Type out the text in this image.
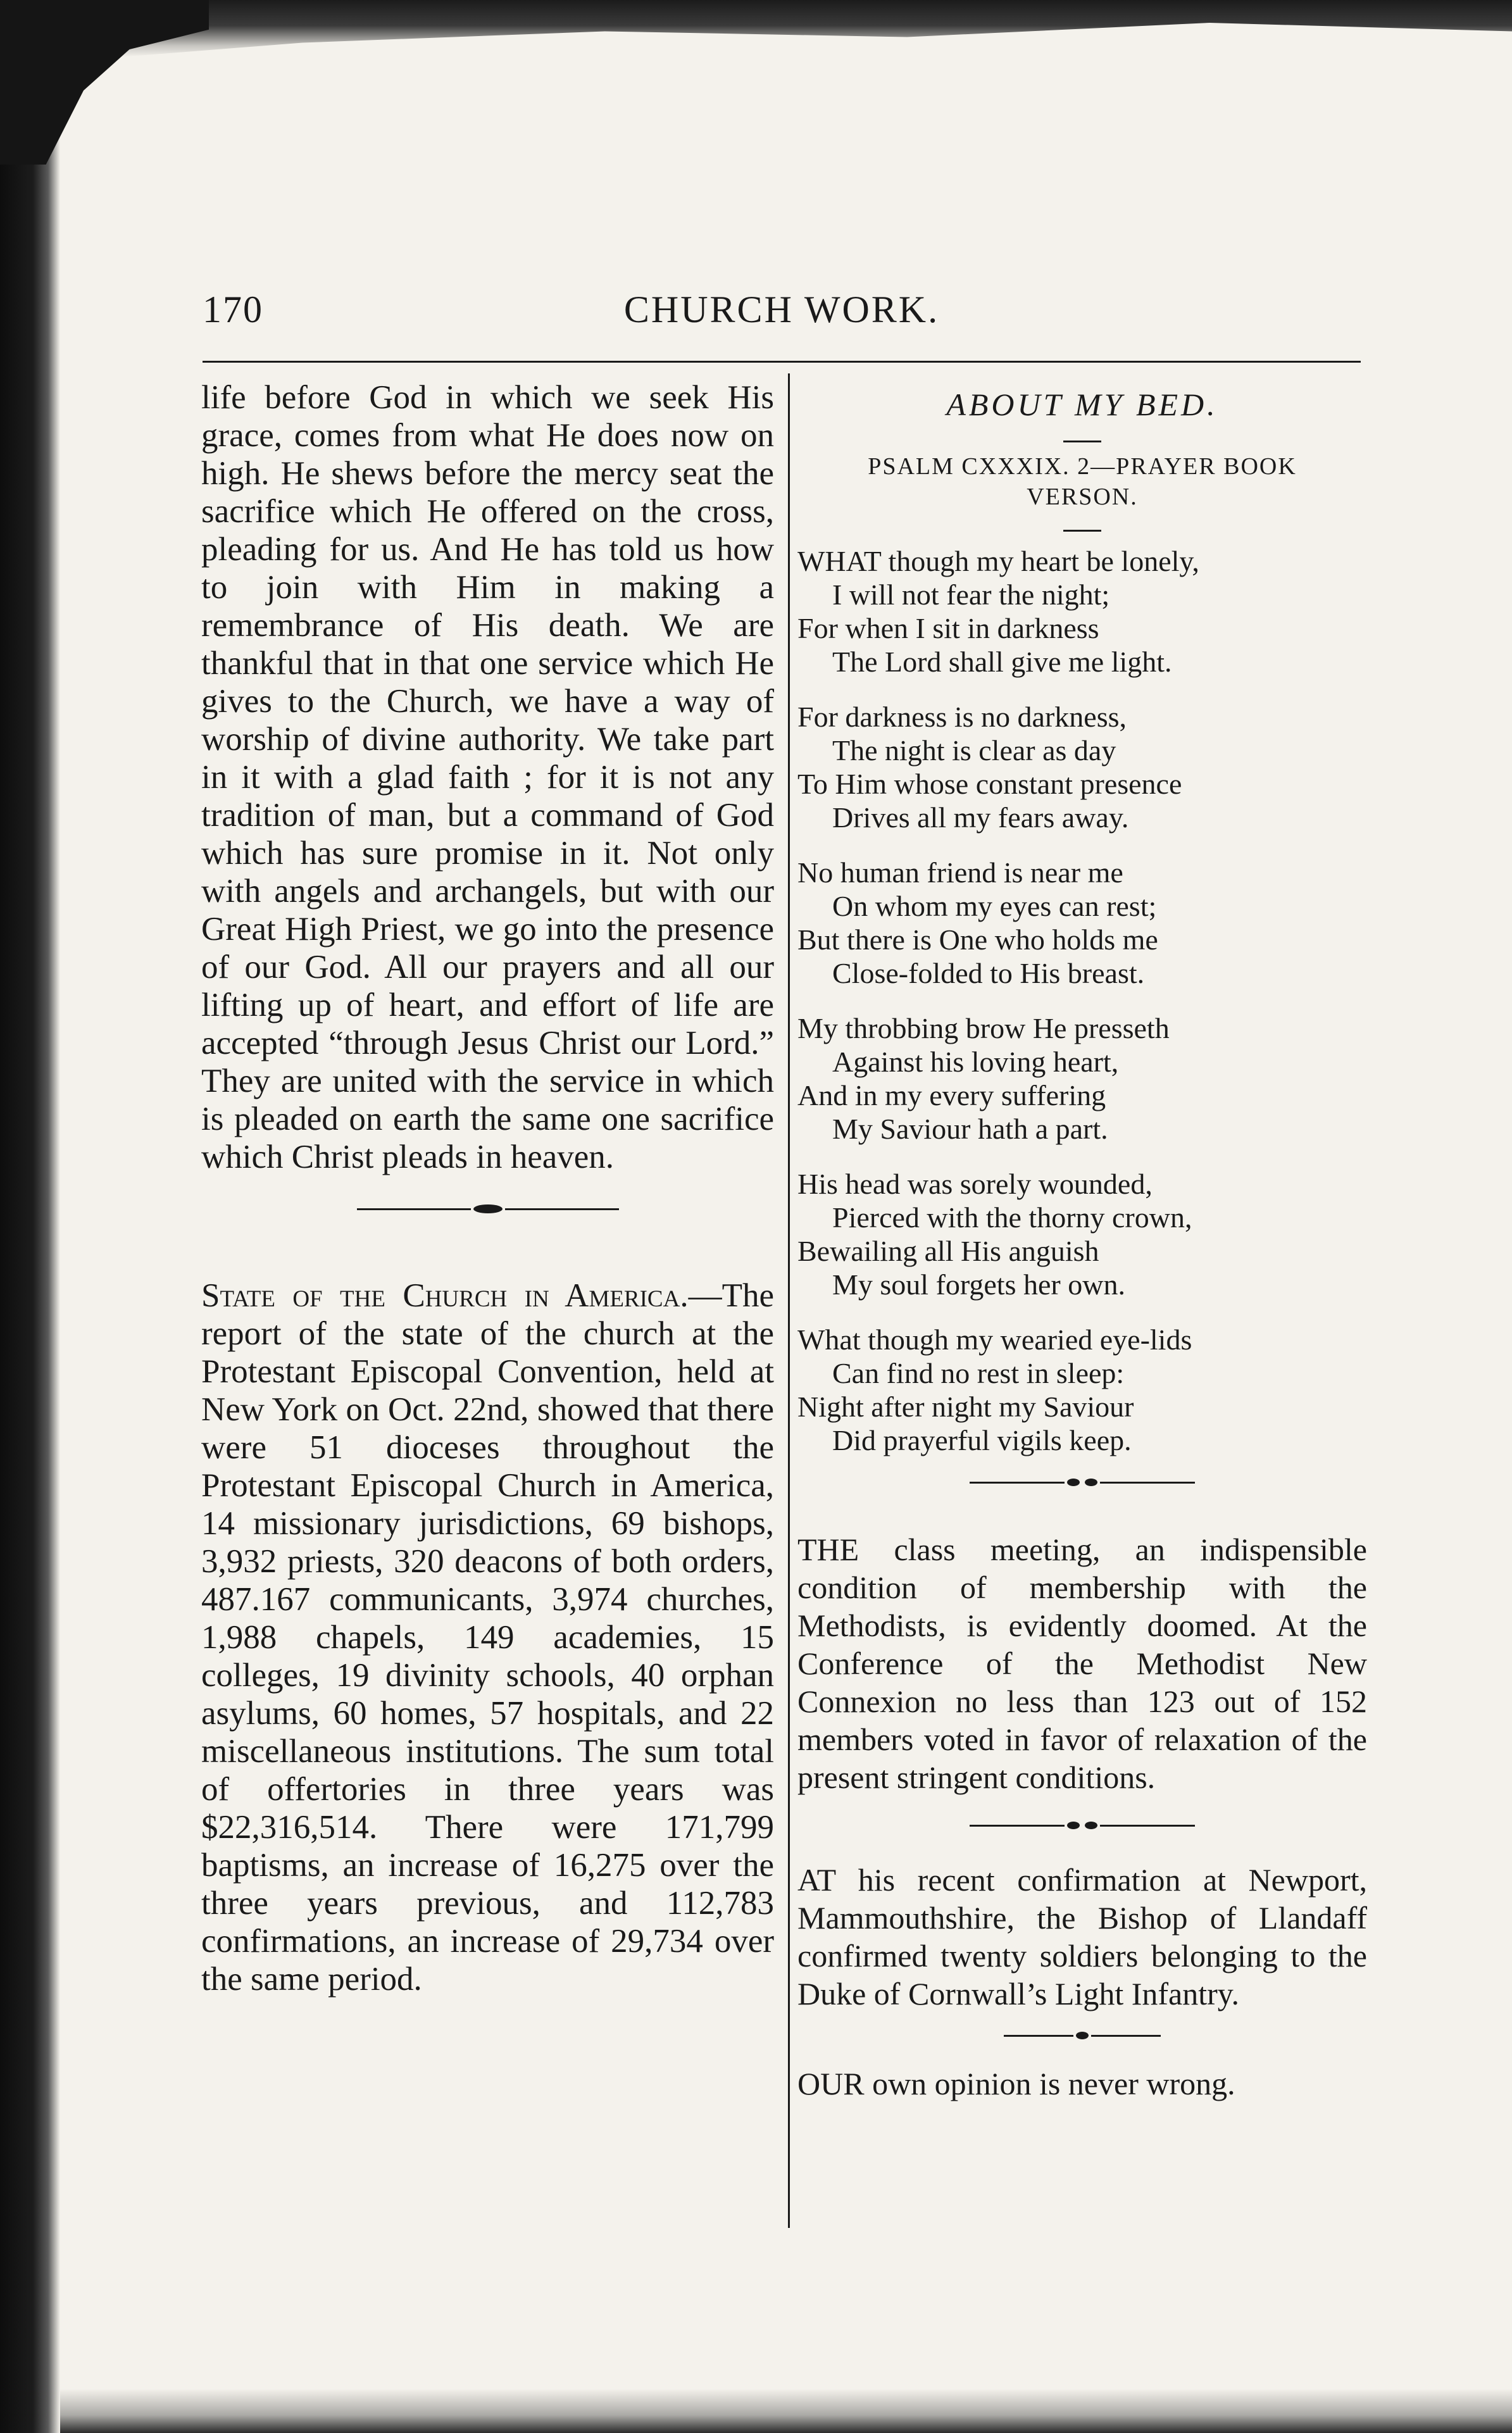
170	CHURCH WORK.

life before God in which we seek His grace, comes from what He does now on high. He shews before the mercy seat the sacrifice which He offered on the cross, pleading for us. And He has told us how to join with Him in making a remembrance of His death. We are thankful that in that one service which He gives to the Church, we have a way of worship of divine authority. We take part in it with a glad faith ; for it is not any tradition of man, but a command of God which has sure promise in it. Not only with angels and archangels, but with our Great High Priest, we go into the presence of our God. All our prayers and all our lifting up of heart, and effort of life are accepted “through Jesus Christ our Lord.” They are united with the service in which is pleaded on earth the same one sacrifice which Christ pleads in heaven.

State of the Church in America.—The report of the state of the church at the Protestant Episcopal Convention, held at New York on Oct. 22nd, showed that there were 51 dioceses throughout the Protestant Episcopal Church in America, 14 missionary jurisdictions, 69 bishops, 3,932 priests, 320 deacons of both orders, 487.167 communicants, 3,974 churches, 1,988 chapels, 149 academies, 15 colleges, 19 divinity schools, 40 orphan asylums, 60 homes, 57 hospitals, and 22 miscellaneous institutions. The sum total of offertories in three years was $22,316,514. There were 171,799 baptisms, an increase of 16,275 over the three years previous, and 112,783 confirmations, an increase of 29,734 over the same period.

ABOUT MY BED.

PSALM CXXXIX. 2—PRAYER BOOK
VERSON.

WHAT though my heart be lonely,
I will not fear the night;
For when I sit in darkness
The Lord shall give me light.
For darkness is no darkness,
The night is clear as day
To Him whose constant presence
Drives all my fears away.
No human friend is near me
On whom my eyes can rest;
But there is One who holds me
Close-folded to His breast.
My throbbing brow He presseth
Against his loving heart,
And in my every suffering
My Saviour hath a part.
His head was sorely wounded,
Pierced with the thorny crown,
Bewailing all His anguish
My soul forgets her own.
What though my wearied eye-lids
Can find no rest in sleep:
Night after night my Saviour
Did prayerful vigils keep.

THE class meeting, an indispensible condition of membership with the Methodists, is evidently doomed. At the Conference of the Methodist New Connexion no less than 123 out of 152 members voted in favor of relaxation of the present stringent conditions.

AT his recent confirmation at Newport, Mammouthshire, the Bishop of Llandaff confirmed twenty soldiers belonging to the Duke of Cornwall’s Light Infantry.

OUR own opinion is never wrong.
